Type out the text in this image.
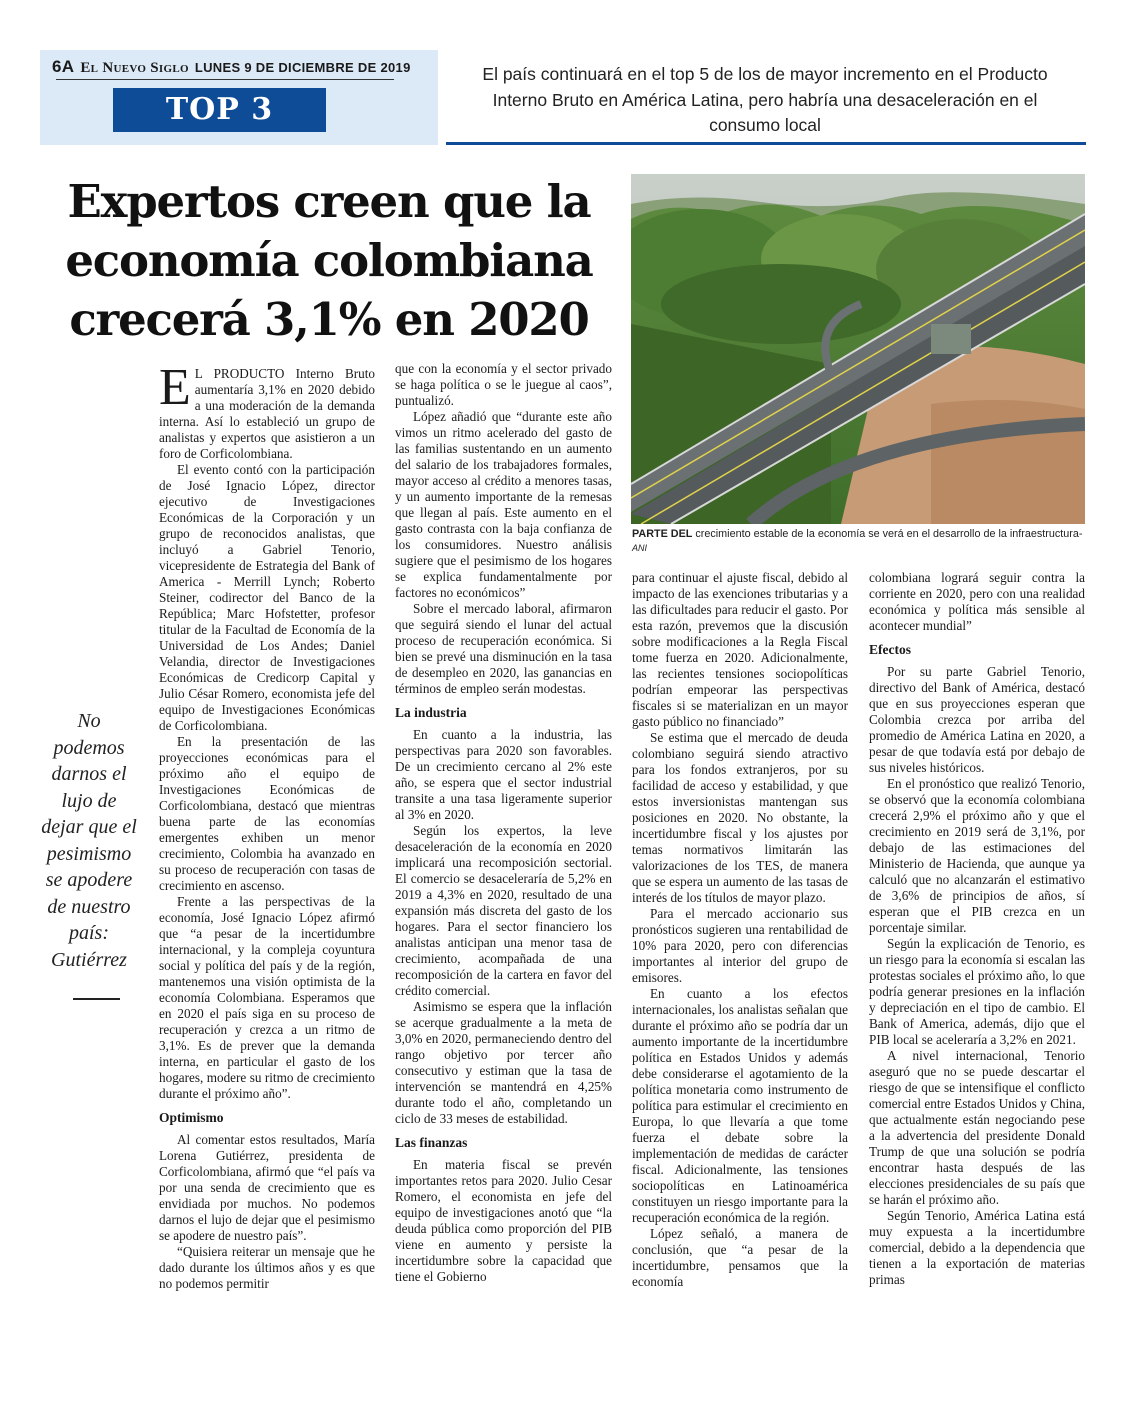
6A El Nuevo Siglo LUNES 9 DE DICIEMBRE DE 2019
TOP 3
El país continuará en el top 5 de los de mayor incremento en el Producto Interno Bruto en América Latina, pero habría una desaceleración en el consumo local
Expertos creen que la economía colombiana crecerá 3,1% en 2020
PARTE DEL crecimiento estable de la economía se verá en el desarrollo de la infraestructura-ANI
No podemos darnos el lujo de dejar que el pesimismo se apodere de nuestro país: Gutiérrez

E L PRODUCTO Interno Bruto aumentaría 3,1% en 2020 debido a una moderación de la demanda interna. Así lo estableció un grupo de analistas y expertos que asistieron a un foro de Corficolombiana.

El evento contó con la participación de José Ignacio López, director ejecutivo de Investigaciones Económicas de la Corporación y un grupo de reconocidos analistas, que incluyó a Gabriel Tenorio, vicepresidente de Estrategia del Bank of America - Merrill Lynch; Roberto Steiner, codirector del Banco de la República; Marc Hofstetter, profesor titular de la Facultad de Economía de la Universidad de Los Andes; Daniel Velandia, director de Investigaciones Económicas de Credicorp Capital y Julio César Romero, economista jefe del equipo de Investigaciones Económicas de Corficolombiana.

En la presentación de las proyecciones económicas para el próximo año el equipo de Investigaciones Económicas de Corficolombiana, destacó que mientras buena parte de las economías emergentes exhiben un menor crecimiento, Colombia ha avanzado en su proceso de recuperación con tasas de crecimiento en ascenso.

Frente a las perspectivas de la economía, José Ignacio López afirmó que “a pesar de la incertidumbre internacional, y la compleja coyuntura social y política del país y de la región, mantenemos una visión optimista de la economía Colombiana. Esperamos que en 2020 el país siga en su proceso de recuperación y crezca a un ritmo de 3,1%. Es de prever que la demanda interna, en particular el gasto de los hogares, modere su ritmo de crecimiento durante el próximo año”.

Optimismo

Al comentar estos resultados, María Lorena Gutiérrez, presidenta de Corficolombiana, afirmó que “el país va por una senda de crecimiento que es envidiada por muchos. No podemos darnos el lujo de dejar que el pesimismo se apodere de nuestro país”.

“Quisiera reiterar un mensaje que he dado durante los últimos años y es que no podemos permitir

que con la economía y el sector privado se haga política o se le juegue al caos”, puntualizó.

López añadió que “durante este año vimos un ritmo acelerado del gasto de las familias sustentando en un aumento del salario de los trabajadores formales, mayor acceso al crédito a menores tasas, y un aumento importante de la remesas que llegan al país. Este aumento en el gasto contrasta con la baja confianza de los consumidores. Nuestro análisis sugiere que el pesimismo de los hogares se explica fundamentalmente por factores no económicos”

Sobre el mercado laboral, afirmaron que seguirá siendo el lunar del actual proceso de recuperación económica. Si bien se prevé una disminución en la tasa de desempleo en 2020, las ganancias en términos de empleo serán modestas.

La industria

En cuanto a la industria, las perspectivas para 2020 son favorables. De un crecimiento cercano al 2% este año, se espera que el sector industrial transite a una tasa ligeramente superior al 3% en 2020.

Según los expertos, la leve desaceleración de la economía en 2020 implicará una recomposición sectorial. El comercio se desaceleraría de 5,2% en 2019 a 4,3% en 2020, resultado de una expansión más discreta del gasto de los hogares. Para el sector financiero los analistas anticipan una menor tasa de crecimiento, acompañada de una recomposición de la cartera en favor del crédito comercial.

Asimismo se espera que la inflación se acerque gradualmente a la meta de 3,0% en 2020, permaneciendo dentro del rango objetivo por tercer año consecutivo y estiman que la tasa de intervención se mantendrá en 4,25% durante todo el año, completando un ciclo de 33 meses de estabilidad.

Las finanzas

En materia fiscal se prevén importantes retos para 2020. Julio Cesar Romero, el economista en jefe del equipo de investigaciones anotó que “la deuda pública como proporción del PIB viene en aumento y persiste la incertidumbre sobre la capacidad que tiene el Gobierno

para continuar el ajuste fiscal, debido al impacto de las exenciones tributarias y a las dificultades para reducir el gasto. Por esta razón, prevemos que la discusión sobre modificaciones a la Regla Fiscal tome fuerza en 2020. Adicionalmente, las recientes tensiones sociopolíticas podrían empeorar las perspectivas fiscales si se materializan en un mayor gasto público no financiado”

Se estima que el mercado de deuda colombiano seguirá siendo atractivo para los fondos extranjeros, por su facilidad de acceso y estabilidad, y que estos inversionistas mantengan sus posiciones en 2020. No obstante, la incertidumbre fiscal y los ajustes por temas normativos limitarán las valorizaciones de los TES, de manera que se espera un aumento de las tasas de interés de los títulos de mayor plazo.

Para el mercado accionario sus pronósticos sugieren una rentabilidad de 10% para 2020, pero con diferencias importantes al interior del grupo de emisores.

En cuanto a los efectos internacionales, los analistas señalan que durante el próximo año se podría dar un aumento importante de la incertidumbre política en Estados Unidos y además debe considerarse el agotamiento de la política monetaria como instrumento de política para estimular el crecimiento en Europa, lo que llevaría a que tome fuerza el debate sobre la implementación de medidas de carácter fiscal. Adicionalmente, las tensiones sociopolíticas en Latinoamérica constituyen un riesgo importante para la recuperación económica de la región.

López señaló, a manera de conclusión, que “a pesar de la incertidumbre, pensamos que la economía

colombiana logrará seguir contra la corriente en 2020, pero con una realidad económica y política más sensible al acontecer mundial”

Efectos

Por su parte Gabriel Tenorio, directivo del Bank of América, destacó que en sus proyecciones esperan que Colombia crezca por arriba del promedio de América Latina en 2020, a pesar de que todavía está por debajo de sus niveles históricos.

En el pronóstico que realizó Tenorio, se observó que la economía colombiana crecerá 2,9% el próximo año y que el crecimiento en 2019 será de 3,1%, por debajo de las estimaciones del Ministerio de Hacienda, que aunque ya calculó que no alcanzarán el estimativo de 3,6% de principios de años, sí esperan que el PIB crezca en un porcentaje similar.

Según la explicación de Tenorio, es un riesgo para la economía si escalan las protestas sociales el próximo año, lo que podría generar presiones en la inflación y depreciación en el tipo de cambio. El Bank of America, además, dijo que el PIB local se aceleraría a 3,2% en 2021.

A nivel internacional, Tenorio aseguró que no se puede descartar el riesgo de que se intensifique el conflicto comercial entre Estados Unidos y China, que actualmente están negociando pese a la advertencia del presidente Donald Trump de que una solución se podría encontrar hasta después de las elecciones presidenciales de su país que se harán el próximo año.

Según Tenorio, América Latina está muy expuesta a la incertidumbre comercial, debido a la dependencia que tienen a la exportación de materias primas
